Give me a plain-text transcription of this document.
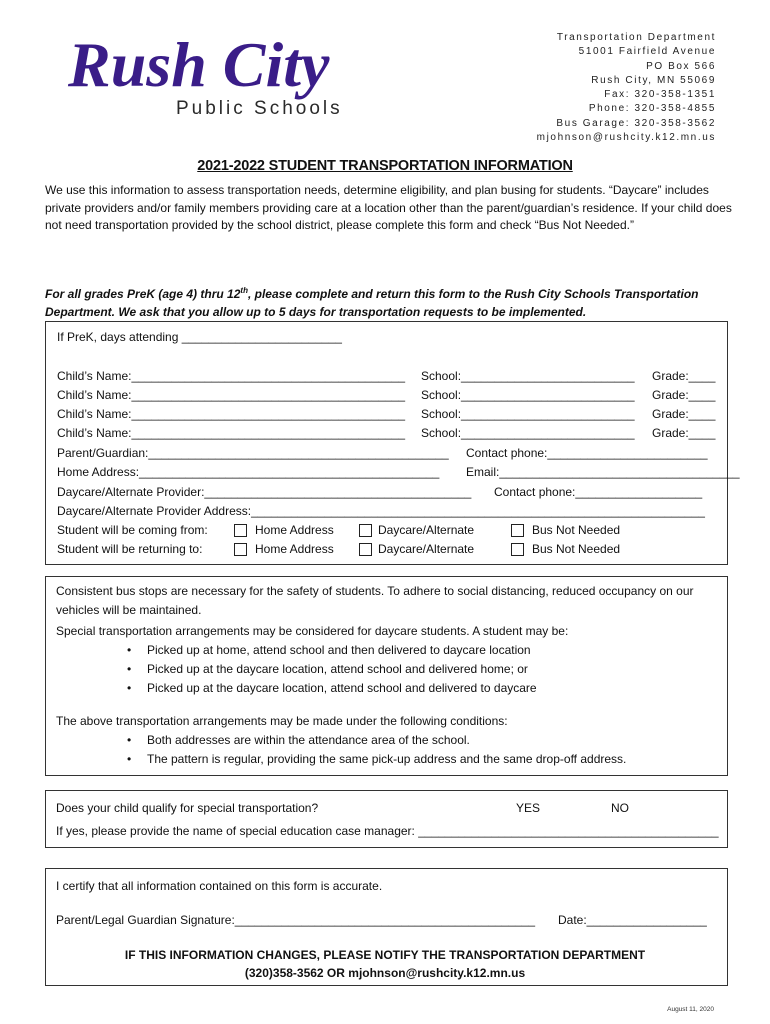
Rush City
Public Schools
Transportation Department
51001 Fairfield Avenue
PO Box 566
Rush City, MN 55069
Fax: 320-358-1351
Phone: 320-358-4855
Bus Garage: 320-358-3562
mjohnson@rushcity.k12.mn.us
2021-2022 STUDENT TRANSPORTATION INFORMATION
We use this information to assess transportation needs, determine eligibility, and plan busing for students. “Daycare” includes private providers and/or family members providing care at a location other than the parent/guardian’s residence. If your child does not need transportation provided by the school district, please complete this form and check “Bus Not Needed.”
For all grades PreK (age 4) thru 12th, please complete and return this form to the Rush City Schools Transportation Department. We ask that you allow up to 5 days for transportation requests to be implemented.
If PreK, days attending ________________________
Child’s Name:_________________________________________ School:__________________________ Grade:____
Child’s Name:_________________________________________ School:__________________________ Grade:____
Child’s Name:_________________________________________ School:__________________________ Grade:____
Child’s Name:_________________________________________ School:__________________________ Grade:____
Parent/Guardian:_____________________________________________ Contact phone:________________________
Home Address:_____________________________________________ Email:____________________________________
Daycare/Alternate Provider:________________________________________ Contact phone:___________________
Daycare/Alternate Provider Address:____________________________________________________________________
Student will be coming from:	Home Address	Daycare/Alternate	Bus Not Needed
Student will be returning to:	Home Address	Daycare/Alternate	Bus Not Needed
Consistent bus stops are necessary for the safety of students. To adhere to social distancing, reduced occupancy on our vehicles will be maintained.
Special transportation arrangements may be considered for daycare students. A student may be:
• Picked up at home, attend school and then delivered to daycare location
• Picked up at the daycare location, attend school and delivered home; or
• Picked up at the daycare location, attend school and delivered to daycare
The above transportation arrangements may be made under the following conditions:
• Both addresses are within the attendance area of the school.
• The pattern is regular, providing the same pick-up address and the same drop-off address.
Does your child qualify for special transportation?	YES	NO
If yes, please provide the name of special education case manager: _____________________________________________
I certify that all information contained on this form is accurate.
Parent/Legal Guardian Signature:_____________________________________________ Date:__________________
IF THIS INFORMATION CHANGES, PLEASE NOTIFY THE TRANSPORTATION DEPARTMENT
(320)358-3562 OR mjohnson@rushcity.k12.mn.us
August 11, 2020
